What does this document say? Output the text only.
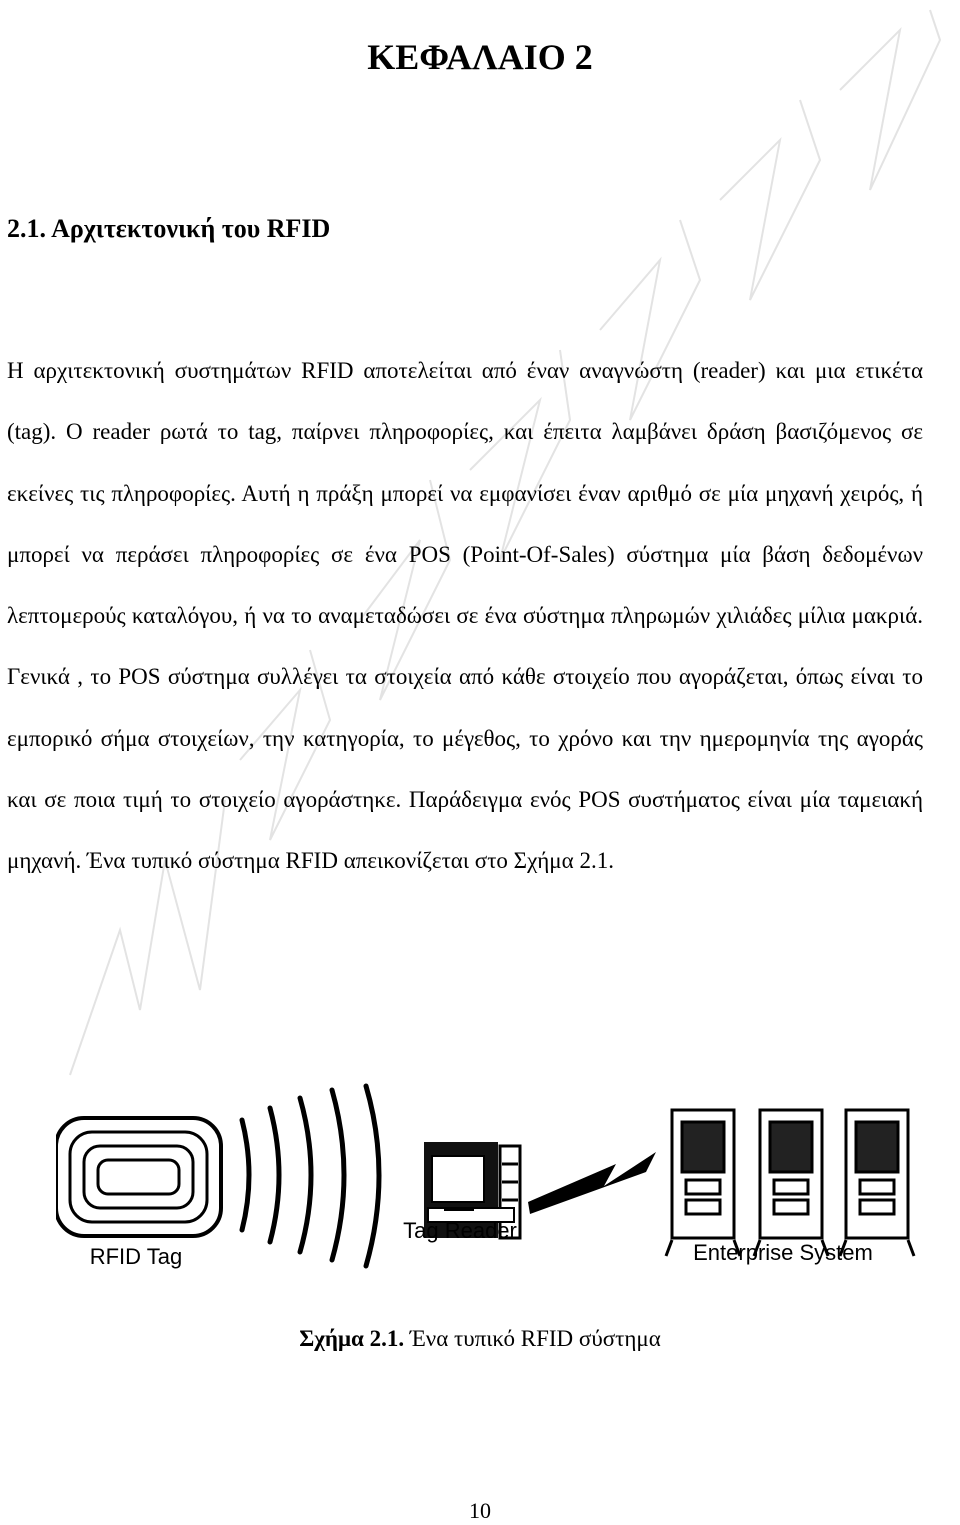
ΚΕΦΑΛΑΙΟ 2
2.1. Αρχιτεκτονική του RFID

Η αρχιτεκτονική συστημάτων RFID αποτελείται από έναν αναγνώστη (reader) και μια ετικέτα (tag). O reader ρωτά το tag, παίρνει πληροφορίες, και έπειτα λαμβάνει δράση βασιζόμενος σε εκείνες τις πληροφορίες. Αυτή η πράξη μπορεί να εμφανίσει έναν αριθμό σε μία μηχανή χειρός, ή μπορεί να περάσει πληροφορίες σε ένα POS (Point-Of-Sales) σύστημα μία βάση δεδομένων λεπτομερούς καταλόγου, ή να το αναμεταδώσει σε ένα σύστημα πληρωμών χιλιάδες μίλια μακριά. Γενικά , το POS σύστημα συλλέγει τα στοιχεία από κάθε στοιχείο που αγοράζεται, όπως είναι το εμπορικό σήμα στοιχείων, την κατηγορία, το μέγεθος, το χρόνο και την ημερομηνία της αγοράς και σε ποια τιμή το στοιχείο αγοράστηκε. Παράδειγμα ενός POS συστήματος είναι μία ταμειακή μηχανή. Ένα τυπικό σύστημα RFID απεικονίζεται στο Σχήμα 2.1.

RFID Tag
Tag Reader
Enterprise System
Σχήμα 2.1. Ένα τυπικό RFID σύστημα
10
